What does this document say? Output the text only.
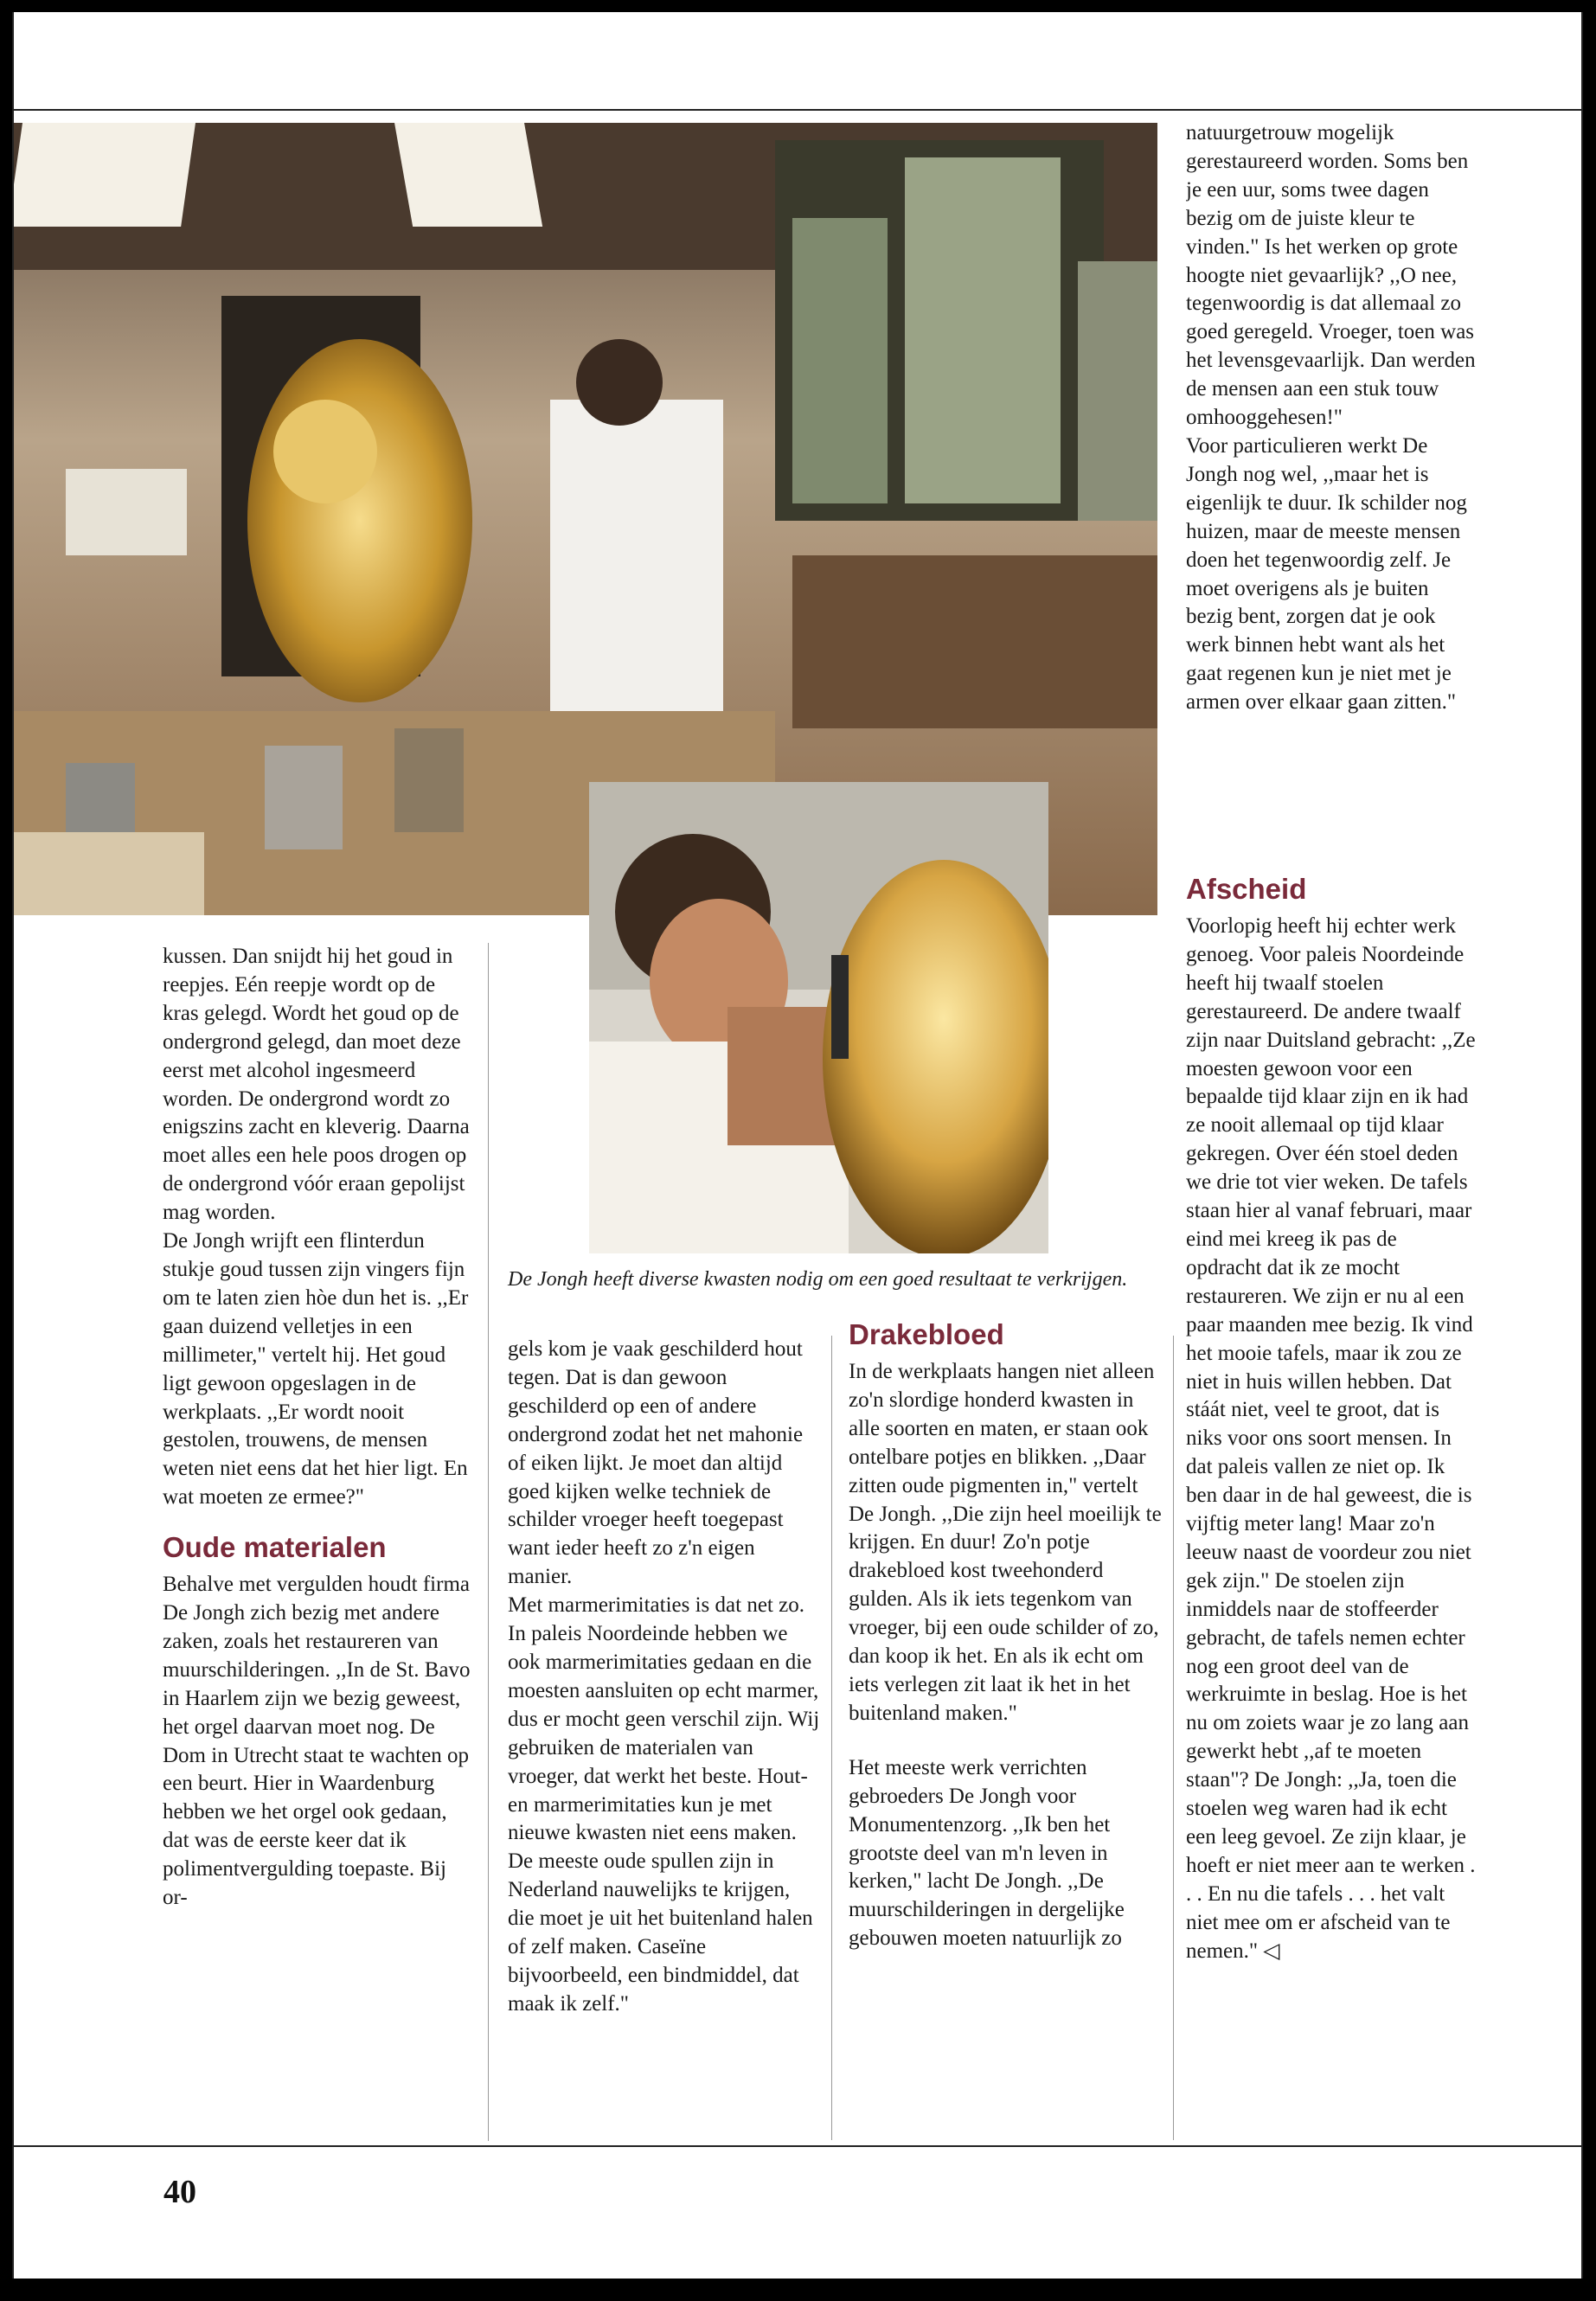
natuurgetrouw mogelijk gerestaureerd worden. Soms ben je een uur, soms twee dagen bezig om de juiste kleur te vinden." Is het werken op grote hoogte niet gevaarlijk? ,,O nee, tegenwoordig is dat allemaal zo goed geregeld. Vroeger, toen was het levensgevaarlijk. Dan werden de mensen aan een stuk touw omhooggehesen!"

Voor particulieren werkt De Jongh nog wel, ,,maar het is eigenlijk te duur. Ik schilder nog huizen, maar de meeste mensen doen het tegenwoordig zelf. Je moet overigens als je buiten bezig bent, zorgen dat je ook werk binnen hebt want als het gaat regenen kun je niet met je armen over elkaar gaan zitten."

Afscheid

Voorlopig heeft hij echter werk genoeg. Voor paleis Noordeinde heeft hij twaalf stoelen gerestaureerd. De andere twaalf zijn naar Duitsland gebracht: ,,Ze moesten gewoon voor een bepaalde tijd klaar zijn en ik had ze nooit allemaal op tijd klaar gekregen. Over één stoel deden we drie tot vier weken. De tafels staan hier al vanaf februari, maar eind mei kreeg ik pas de opdracht dat ik ze mocht restaureren. We zijn er nu al een paar maanden mee bezig. Ik vind het mooie tafels, maar ik zou ze niet in huis willen hebben. Dat stáát niet, veel te groot, dat is niks voor ons soort mensen. In dat paleis vallen ze niet op. Ik ben daar in de hal geweest, die is vijftig meter lang! Maar zo'n leeuw naast de voordeur zou niet gek zijn." De stoelen zijn inmiddels naar de stoffeerder gebracht, de tafels nemen echter nog een groot deel van de werkruimte in beslag. Hoe is het nu om zoiets waar je zo lang aan gewerkt hebt ,,af te moeten staan"? De Jongh: ,,Ja, toen die stoelen weg waren had ik echt een leeg gevoel. Ze zijn klaar, je hoeft er niet meer aan te werken . . . En nu die tafels . . . het valt niet mee om er afscheid van te nemen." ◁

kussen. Dan snijdt hij het goud in reepjes. Eén reepje wordt op de kras gelegd. Wordt het goud op de ondergrond gelegd, dan moet deze eerst met alcohol ingesmeerd worden. De ondergrond wordt zo enigszins zacht en kleverig. Daarna moet alles een hele poos drogen op de ondergrond vóór eraan gepolijst mag worden.

De Jongh wrijft een flinterdun stukje goud tussen zijn vingers fijn om te laten zien hòe dun het is. ,,Er gaan duizend velletjes in een millimeter," vertelt hij. Het goud ligt gewoon opgeslagen in de werkplaats. ,,Er wordt nooit gestolen, trouwens, de mensen weten niet eens dat het hier ligt. En wat moeten ze ermee?"

Oude materialen

Behalve met vergulden houdt firma De Jongh zich bezig met andere zaken, zoals het restaureren van muurschilderingen. ,,In de St. Bavo in Haarlem zijn we bezig geweest, het orgel daarvan moet nog. De Dom in Utrecht staat te wachten op een beurt. Hier in Waardenburg hebben we het orgel ook gedaan, dat was de eerste keer dat ik polimentvergulding toepaste. Bij or-

De Jongh heeft diverse kwasten nodig om een goed resultaat te verkrijgen.

gels kom je vaak geschilderd hout tegen. Dat is dan gewoon geschilderd op een of andere ondergrond zodat het net mahonie of eiken lijkt. Je moet dan altijd goed kijken welke techniek de schilder vroeger heeft toegepast want ieder heeft zo z'n eigen manier.

Met marmerimitaties is dat net zo. In paleis Noordeinde hebben we ook marmerimitaties gedaan en die moesten aansluiten op echt marmer, dus er mocht geen verschil zijn. Wij gebruiken de materialen van vroeger, dat werkt het beste. Hout- en marmerimitaties kun je met nieuwe kwasten niet eens maken. De meeste oude spullen zijn in Nederland nauwelijks te krijgen, die moet je uit het buitenland halen of zelf maken. Caseïne bijvoorbeeld, een bindmiddel, dat maak ik zelf."

Drakebloed

In de werkplaats hangen niet alleen zo'n slordige honderd kwasten in alle soorten en maten, er staan ook ontelbare potjes en blikken. ,,Daar zitten oude pigmenten in," vertelt De Jongh. ,,Die zijn heel moeilijk te krijgen. En duur! Zo'n potje drakebloed kost tweehonderd gulden. Als ik iets tegenkom van vroeger, bij een oude schilder of zo, dan koop ik het. En als ik echt om iets verlegen zit laat ik het in het buitenland maken."

Het meeste werk verrichten gebroeders De Jongh voor Monumentenzorg. ,,Ik ben het grootste deel van m'n leven in kerken," lacht De Jongh. ,,De muurschilderingen in dergelijke gebouwen moeten natuurlijk zo

40
